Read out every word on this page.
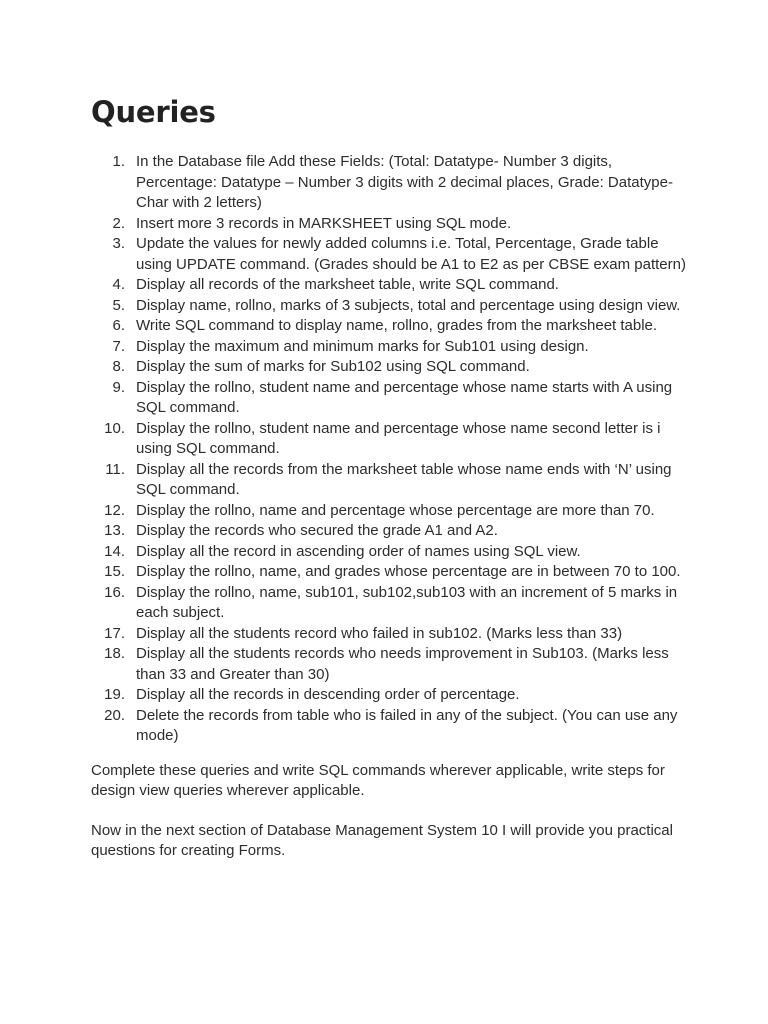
Queries
1. In the Database file Add these Fields: (Total: Datatype- Number 3 digits, Percentage: Datatype – Number 3 digits with 2 decimal places, Grade: Datatype- Char with 2 letters)
2. Insert more 3 records in MARKSHEET using SQL mode.
3. Update the values for newly added columns i.e. Total, Percentage, Grade table using UPDATE command. (Grades should be A1 to E2 as per CBSE exam pattern)
4. Display all records of the marksheet table, write SQL command.
5. Display name, rollno, marks of 3 subjects, total and percentage using design view.
6. Write SQL command to display name, rollno, grades from the marksheet table.
7. Display the maximum and minimum marks for Sub101 using design.
8. Display the sum of marks for Sub102 using SQL command.
9. Display the rollno, student name and percentage whose name starts with A using SQL command.
10. Display the rollno, student name and percentage whose name second letter is i using SQL command.
11. Display all the records from the marksheet table whose name ends with ‘N’ using SQL command.
12. Display the rollno, name and percentage whose percentage are more than 70.
13. Display the records who secured the grade A1 and A2.
14. Display all the record in ascending order of names using SQL view.
15. Display the rollno, name, and grades whose percentage are in between 70 to 100.
16. Display the rollno, name, sub101, sub102,sub103 with an increment of 5 marks in each subject.
17. Display all the students record who failed in sub102. (Marks less than 33)
18. Display all the students records who needs improvement in Sub103. (Marks less than 33 and Greater than 30)
19. Display all the records in descending order of percentage.
20. Delete the records from table who is failed in any of the subject. (You can use any mode)

Complete these queries and write SQL commands wherever applicable, write steps for design view queries wherever applicable.

Now in the next section of Database Management System 10 I will provide you practical questions for creating Forms.
